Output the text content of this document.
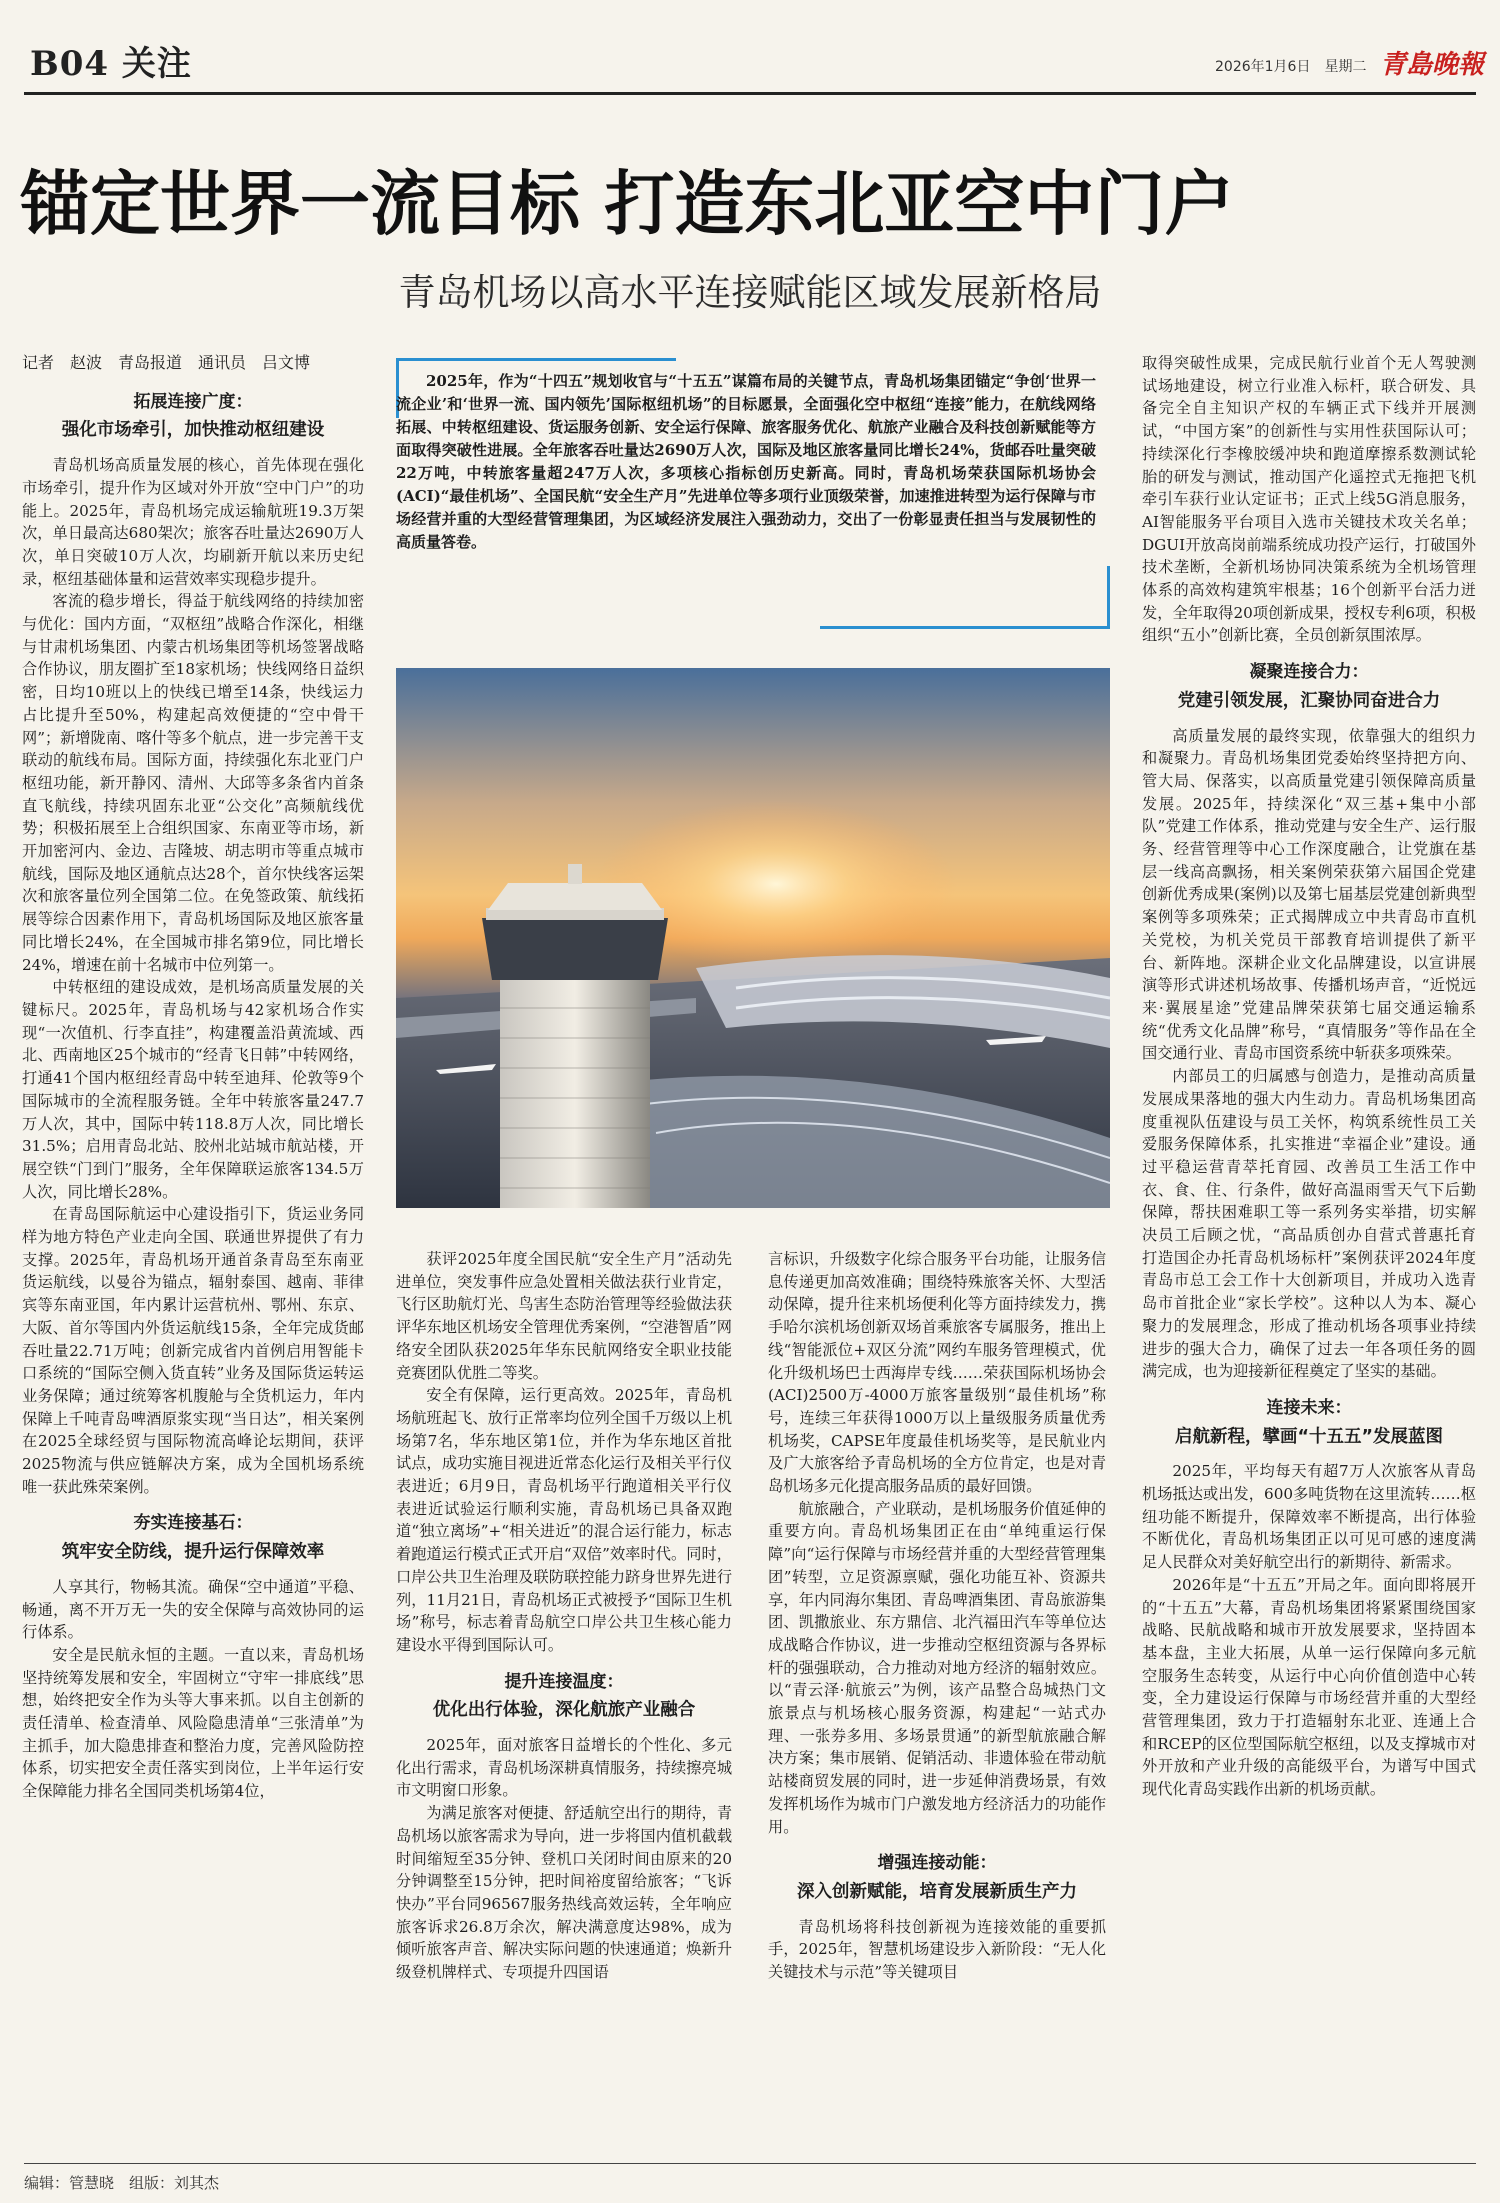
B04 关注	2026年1月6日　星期二 青島晚報
锚定世界一流目标 打造东北亚空中门户
青岛机场以高水平连接赋能区域发展新格局
记者　赵波　青岛报道　通讯员　吕文博
拓展连接广度：
强化市场牵引，加快推动枢纽建设

青岛机场高质量发展的核心，首先体现在强化市场牵引，提升作为区域对外开放“空中门户”的功能上。2025年，青岛机场完成运输航班19.3万架次，单日最高达680架次；旅客吞吐量达2690万人次，单日突破10万人次，均刷新开航以来历史纪录，枢纽基础体量和运营效率实现稳步提升。

客流的稳步增长，得益于航线网络的持续加密与优化：国内方面，“双枢纽”战略合作深化，相继与甘肃机场集团、内蒙古机场集团等机场签署战略合作协议，朋友圈扩至18家机场；快线网络日益织密，日均10班以上的快线已增至14条，快线运力占比提升至50%，构建起高效便捷的“空中骨干网”；新增陇南、喀什等多个航点，进一步完善干支联动的航线布局。国际方面，持续强化东北亚门户枢纽功能，新开静冈、清州、大邱等多条省内首条直飞航线，持续巩固东北亚“公交化”高频航线优势；积极拓展至上合组织国家、东南亚等市场，新开加密河内、金边、吉隆坡、胡志明市等重点城市航线，国际及地区通航点达28个，首尔快线客运架次和旅客量位列全国第二位。在免签政策、航线拓展等综合因素作用下，青岛机场国际及地区旅客量同比增长24%，在全国城市排名第9位，同比增长24%，增速在前十名城市中位列第一。

中转枢纽的建设成效，是机场高质量发展的关键标尺。2025年，青岛机场与42家机场合作实现“一次值机、行李直挂”，构建覆盖沿黄流域、西北、西南地区25个城市的“经青飞日韩”中转网络，打通41个国内枢纽经青岛中转至迪拜、伦敦等9个国际城市的全流程服务链。全年中转旅客量247.7万人次，其中，国际中转118.8万人次，同比增长31.5%；启用青岛北站、胶州北站城市航站楼，开展空铁“门到门”服务，全年保障联运旅客134.5万人次，同比增长28%。

在青岛国际航运中心建设指引下，货运业务同样为地方特色产业走向全国、联通世界提供了有力支撑。2025年，青岛机场开通首条青岛至东南亚货运航线，以曼谷为锚点，辐射泰国、越南、菲律宾等东南亚国，年内累计运营杭州、鄂州、东京、大阪、首尔等国内外货运航线15条，全年完成货邮吞吐量22.71万吨；创新完成省内首例启用智能卡口系统的“国际空侧入货直转”业务及国际货运转运业务保障；通过统筹客机腹舱与全货机运力，年内保障上千吨青岛啤酒原浆实现“当日达”，相关案例在2025全球经贸与国际物流高峰论坛期间，获评2025物流与供应链解决方案，成为全国机场系统唯一获此殊荣案例。

夯实连接基石：
筑牢安全防线，提升运行保障效率

人享其行，物畅其流。确保“空中通道”平稳、畅通，离不开万无一失的安全保障与高效协同的运行体系。

安全是民航永恒的主题。一直以来，青岛机场坚持统筹发展和安全，牢固树立“守牢一排底线”思想，始终把安全作为头等大事来抓。以自主创新的责任清单、检查清单、风险隐患清单“三张清单”为主抓手，加大隐患排查和整治力度，完善风险防控体系，切实把安全责任落实到岗位，上半年运行安全保障能力排名全国同类机场第4位，

2025年，作为“十四五”规划收官与“十五五”谋篇布局的关键节点，青岛机场集团锚定“争创‘世界一流企业’和‘世界一流、国内领先’国际枢纽机场”的目标愿景，全面强化空中枢纽“连接”能力，在航线网络拓展、中转枢纽建设、货运服务创新、安全运行保障、旅客服务优化、航旅产业融合及科技创新赋能等方面取得突破性进展。全年旅客吞吐量达2690万人次，国际及地区旅客量同比增长24%，货邮吞吐量突破22万吨，中转旅客量超247万人次，多项核心指标创历史新高。同时，青岛机场荣获国际机场协会(ACI)“最佳机场”、全国民航“安全生产月”先进单位等多项行业顶级荣誉，加速推进转型为运行保障与市场经营并重的大型经营管理集团，为区域经济发展注入强劲动力，交出了一份彰显责任担当与发展韧性的高质量答卷。

获评2025年度全国民航“安全生产月”活动先进单位，突发事件应急处置相关做法获行业肯定，飞行区助航灯光、鸟害生态防治管理等经验做法获评华东地区机场安全管理优秀案例，“空港智盾”网络安全团队获2025年华东民航网络安全职业技能竞赛团队优胜二等奖。

安全有保障，运行更高效。2025年，青岛机场航班起飞、放行正常率均位列全国千万级以上机场第7名，华东地区第1位，并作为华东地区首批试点，成功实施目视进近常态化运行及相关平行仪表进近；6月9日，青岛机场平行跑道相关平行仪表进近试验运行顺利实施，青岛机场已具备双跑道“独立离场”+“相关进近”的混合运行能力，标志着跑道运行模式正式开启“双倍”效率时代。同时，口岸公共卫生治理及联防联控能力跻身世界先进行列，11月21日，青岛机场正式被授予“国际卫生机场”称号，标志着青岛航空口岸公共卫生核心能力建设水平得到国际认可。

提升连接温度：
优化出行体验，深化航旅产业融合

2025年，面对旅客日益增长的个性化、多元化出行需求，青岛机场深耕真情服务，持续擦亮城市文明窗口形象。

为满足旅客对便捷、舒适航空出行的期待，青岛机场以旅客需求为导向，进一步将国内值机截载时间缩短至35分钟、登机口关闭时间由原来的20分钟调整至15分钟，把时间裕度留给旅客；“飞诉快办”平台同96567服务热线高效运转，全年响应旅客诉求26.8万余次，解决满意度达98%，成为倾听旅客声音、解决实际问题的快速通道；焕新升级登机牌样式、专项提升四国语

言标识，升级数字化综合服务平台功能，让服务信息传递更加高效准确；围绕特殊旅客关怀、大型活动保障，提升往来机场便利化等方面持续发力，携手哈尔滨机场创新双场首乘旅客专属服务，推出上线“智能派位+双区分流”网约车服务管理模式，优化升级机场巴士西海岸专线……荣获国际机场协会(ACI)2500万-4000万旅客量级别“最佳机场”称号，连续三年获得1000万以上量级服务质量优秀机场奖，CAPSE年度最佳机场奖等，是民航业内及广大旅客给予青岛机场的全方位肯定，也是对青岛机场多元化提高服务品质的最好回馈。

航旅融合，产业联动，是机场服务价值延伸的重要方向。青岛机场集团正在由“单纯重运行保障”向“运行保障与市场经营并重的大型经营管理集团”转型，立足资源禀赋，强化功能互补、资源共享，年内同海尔集团、青岛啤酒集团、青岛旅游集团、凯撒旅业、东方鼎信、北汽福田汽车等单位达成战略合作协议，进一步推动空枢纽资源与各界标杆的强强联动，合力推动对地方经济的辐射效应。以“青云泽·航旅云”为例，该产品整合岛城热门文旅景点与机场核心服务资源，构建起“一站式办理、一张券多用、多场景贯通”的新型航旅融合解决方案；集市展销、促销活动、非遗体验在带动航站楼商贸发展的同时，进一步延伸消费场景，有效发挥机场作为城市门户激发地方经济活力的功能作用。

增强连接动能：
深入创新赋能，培育发展新质生产力

青岛机场将科技创新视为连接效能的重要抓手，2025年，智慧机场建设步入新阶段：“无人化关键技术与示范”等关键项目

取得突破性成果，完成民航行业首个无人驾驶测试场地建设，树立行业准入标杆，联合研发、具备完全自主知识产权的车辆正式下线并开展测试，“中国方案”的创新性与实用性获国际认可；持续深化行李橡胶缓冲块和跑道摩擦系数测试轮胎的研发与测试，推动国产化遥控式无拖把飞机牵引车获行业认定证书；正式上线5G消息服务，AI智能服务平台项目入选市关键技术攻关名单；DGUI开放高岗前端系统成功投产运行，打破国外技术垄断，全新机场协同决策系统为全机场管理体系的高效构建筑牢根基；16个创新平台活力迸发，全年取得20项创新成果，授权专利6项，积极组织“五小”创新比赛，全员创新氛围浓厚。

凝聚连接合力：
党建引领发展，汇聚协同奋进合力

高质量发展的最终实现，依靠强大的组织力和凝聚力。青岛机场集团党委始终坚持把方向、管大局、保落实，以高质量党建引领保障高质量发展。2025年，持续深化“双三基+集中小部队”党建工作体系，推动党建与安全生产、运行服务、经营管理等中心工作深度融合，让党旗在基层一线高高飘扬，相关案例荣获第六届国企党建创新优秀成果(案例)以及第七届基层党建创新典型案例等多项殊荣；正式揭牌成立中共青岛市直机关党校，为机关党员干部教育培训提供了新平台、新阵地。深耕企业文化品牌建设，以宣讲展演等形式讲述机场故事、传播机场声音，“近悦远来·翼展星途”党建品牌荣获第七届交通运输系统“优秀文化品牌”称号，“真情服务”等作品在全国交通行业、青岛市国资系统中斩获多项殊荣。

内部员工的归属感与创造力，是推动高质量发展成果落地的强大内生动力。青岛机场集团高度重视队伍建设与员工关怀，构筑系统性员工关爱服务保障体系，扎实推进“幸福企业”建设。通过平稳运营青萃托育园、改善员工生活工作中衣、食、住、行条件，做好高温雨雪天气下后勤保障，帮扶困难职工等一系列务实举措，切实解决员工后顾之忧，“高品质创办自营式普惠托育　打造国企办托青岛机场标杆”案例获评2024年度青岛市总工会工作十大创新项目，并成功入选青岛市首批企业“家长学校”。这种以人为本、凝心聚力的发展理念，形成了推动机场各项事业持续进步的强大合力，确保了过去一年各项任务的圆满完成，也为迎接新征程奠定了坚实的基础。

连接未来：
启航新程，擘画“十五五”发展蓝图

2025年，平均每天有超7万人次旅客从青岛机场抵达或出发，600多吨货物在这里流转……枢纽功能不断提升，保障效率不断提高，出行体验不断优化，青岛机场集团正以可见可感的速度满足人民群众对美好航空出行的新期待、新需求。

2026年是“十五五”开局之年。面向即将展开的“十五五”大幕，青岛机场集团将紧紧围绕国家战略、民航战略和城市开放发展要求，坚持固本基本盘，主业大拓展，从单一运行保障向多元航空服务生态转变，从运行中心向价值创造中心转变，全力建设运行保障与市场经营并重的大型经营管理集团，致力于打造辐射东北亚、连通上合和RCEP的区位型国际航空枢纽，以及支撑城市对外开放和产业升级的高能级平台，为谱写中国式现代化青岛实践作出新的机场贡献。

编辑：管慧晓　组版：刘其杰
